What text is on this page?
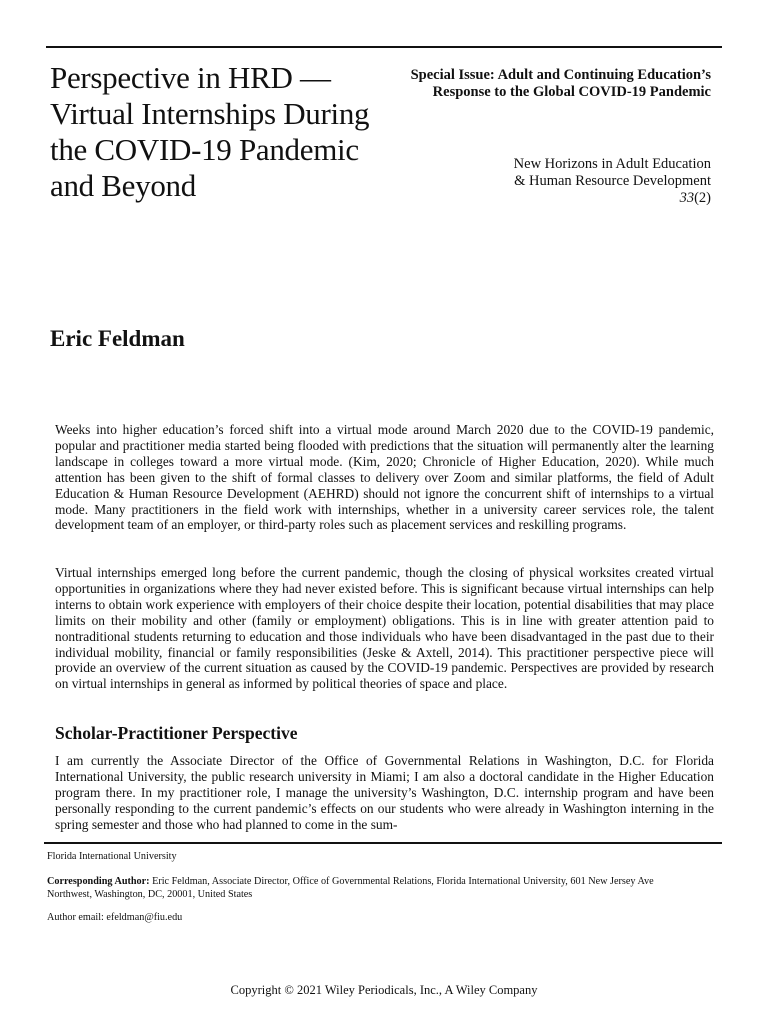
Perspective in HRD — Virtual Internships During the COVID-19 Pandemic and Beyond

Special Issue: Adult and Continuing Education’s Response to the Global COVID-19 Pandemic

New Horizons in Adult Education
& Human Resource Development
33(2)
Eric Feldman

Weeks into higher education’s forced shift into a virtual mode around March 2020 due to the COVID-19 pandemic, popular and practitioner media started being flooded with predictions that the situation will permanently alter the learning landscape in colleges toward a more virtual mode. (Kim, 2020; Chronicle of Higher Education, 2020). While much attention has been given to the shift of formal classes to delivery over Zoom and similar platforms, the field of Adult Education & Human Resource Development (AEHRD) should not ignore the concurrent shift of internships to a virtual mode. Many practitioners in the field work with internships, whether in a university career services role, the talent development team of an employer, or third-party roles such as placement services and reskilling programs.

Virtual internships emerged long before the current pandemic, though the closing of physical worksites created virtual opportunities in organizations where they had never existed before. This is significant because virtual internships can help interns to obtain work experience with employers of their choice despite their location, potential disabilities that may place limits on their mobility and other (family or employment) obligations. This is in line with greater attention paid to nontraditional students returning to education and those individuals who have been disadvantaged in the past due to their individual mobility, financial or family responsibilities (Jeske & Axtell, 2014). This practitioner perspective piece will provide an overview of the current situation as caused by the COVID-19 pandemic. Perspectives are provided by research on virtual internships in general as informed by political theories of space and place.

Scholar-Practitioner Perspective

I am currently the Associate Director of the Office of Governmental Relations in Washington, D.C. for Florida International University, the public research university in Miami; I am also a doctoral candidate in the Higher Education program there. In my practitioner role, I manage the university’s Washington, D.C. internship program and have been personally responding to the current pandemic’s effects on our students who were already in Washington interning in the spring semester and those who had planned to come in the sum-

Florida International University

Corresponding Author: Eric Feldman, Associate Director, Office of Governmental Relations, Florida International University, 601 New Jersey Ave Northwest, Washington, DC, 20001, United States

Author email: efeldman@fiu.edu

Copyright © 2021 Wiley Periodicals, Inc., A Wiley Company
